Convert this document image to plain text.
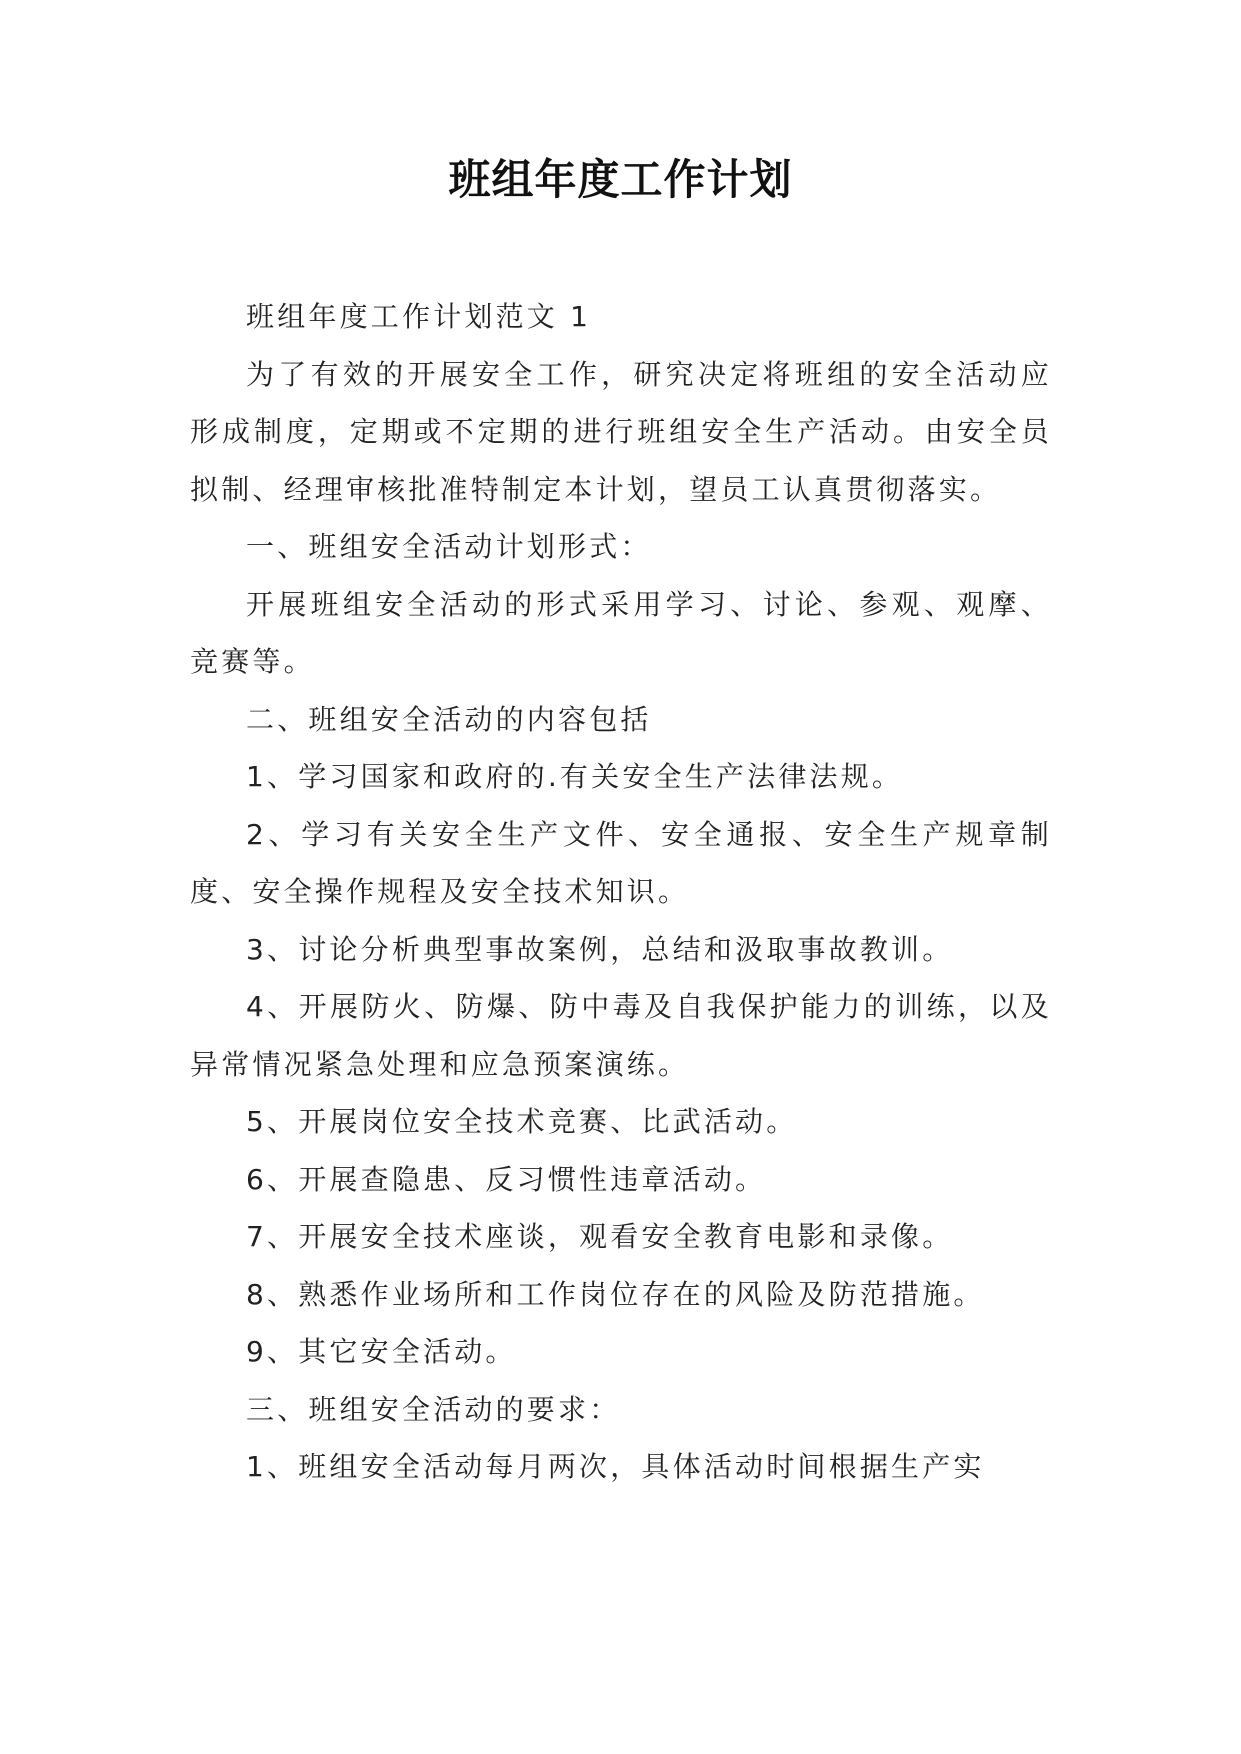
班组年度工作计划

班组年度工作计划范文 1

为了有效的开展安全工作，研究决定将班组的安全活动应形成制度，定期或不定期的进行班组安全生产活动。由安全员拟制、经理审核批准特制定本计划，望员工认真贯彻落实。

一、班组安全活动计划形式：

开展班组安全活动的形式采用学习、讨论、参观、观摩、竞赛等。

二、班组安全活动的内容包括

1、学习国家和政府的.有关安全生产法律法规。

2、学习有关安全生产文件、安全通报、安全生产规章制度、安全操作规程及安全技术知识。

3、讨论分析典型事故案例，总结和汲取事故教训。

4、开展防火、防爆、防中毒及自我保护能力的训练，以及异常情况紧急处理和应急预案演练。

5、开展岗位安全技术竞赛、比武活动。

6、开展查隐患、反习惯性违章活动。

7、开展安全技术座谈，观看安全教育电影和录像。

8、熟悉作业场所和工作岗位存在的风险及防范措施。

9、其它安全活动。

三、班组安全活动的要求：

1、班组安全活动每月两次，具体活动时间根据生产实
